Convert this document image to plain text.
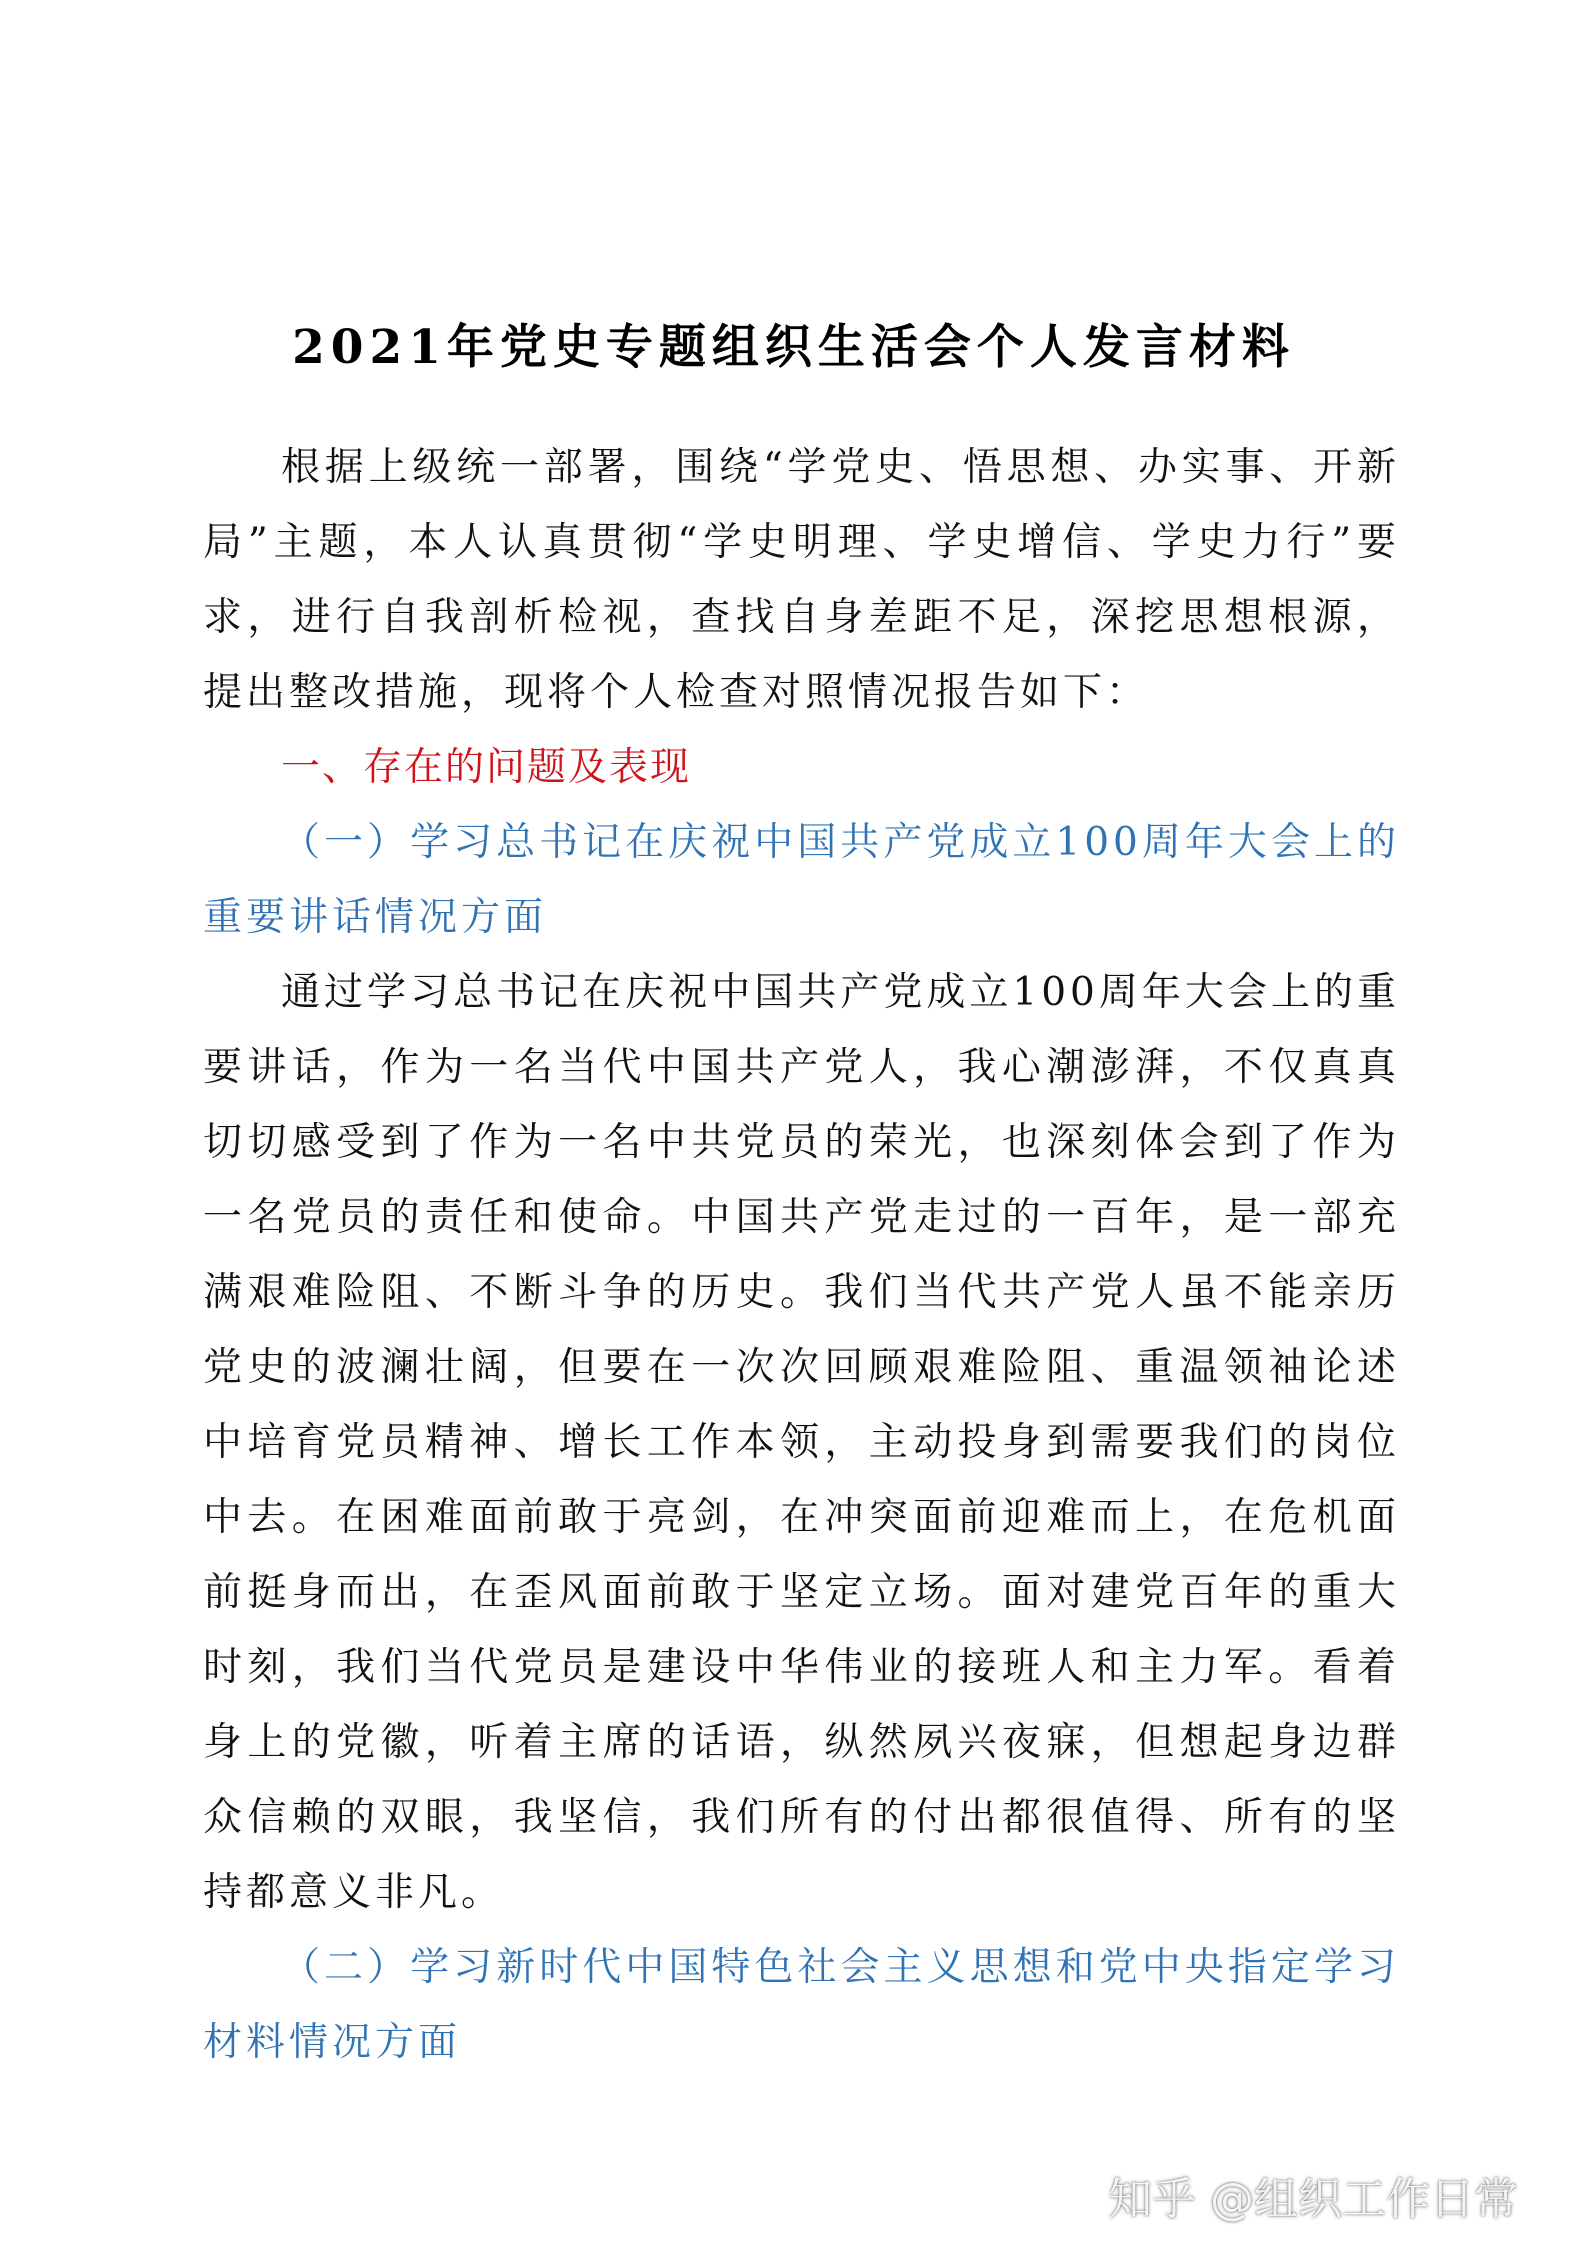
2021年党史专题组织生活会个人发言材料

根据上级统一部署，围绕“学党史、悟思想、办实事、开新局”主题，本人认真贯彻“学史明理、学史增信、学史力行”要求，进行自我剖析检视，查找自身差距不足，深挖思想根源，提出整改措施，现将个人检查对照情况报告如下：

一、存在的问题及表现

（一）学习总书记在庆祝中国共产党成立100周年大会上的重要讲话情况方面

通过学习总书记在庆祝中国共产党成立100周年大会上的重要讲话，作为一名当代中国共产党人，我心潮澎湃，不仅真真切切感受到了作为一名中共党员的荣光，也深刻体会到了作为一名党员的责任和使命。中国共产党走过的一百年，是一部充满艰难险阻、不断斗争的历史。我们当代共产党人虽不能亲历党史的波澜壮阔，但要在一次次回顾艰难险阻、重温领袖论述中培育党员精神、增长工作本领，主动投身到需要我们的岗位中去。在困难面前敢于亮剑，在冲突面前迎难而上，在危机面前挺身而出，在歪风面前敢于坚定立场。面对建党百年的重大时刻，我们当代党员是建设中华伟业的接班人和主力军。看着身上的党徽，听着主席的话语，纵然夙兴夜寐，但想起身边群众信赖的双眼，我坚信，我们所有的付出都很值得、所有的坚持都意义非凡。

（二）学习新时代中国特色社会主义思想和党中央指定学习材料情况方面

知乎 @组织工作日常
